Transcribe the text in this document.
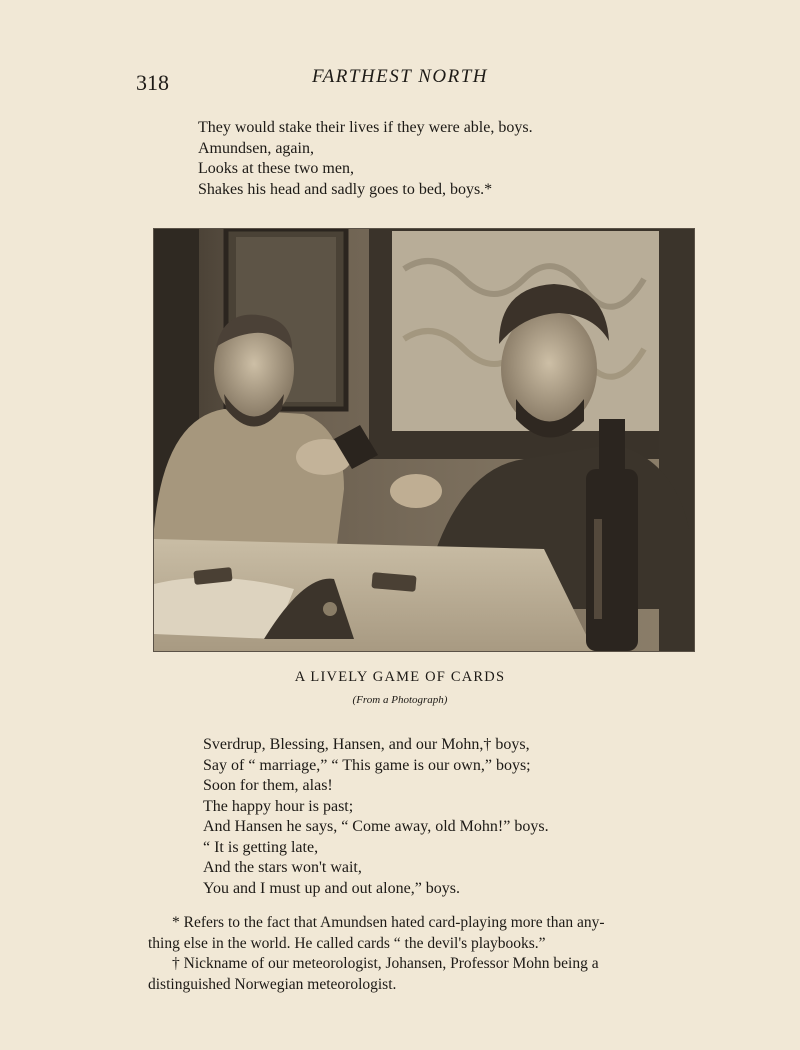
318	FARTHEST NORTH
They would stake their lives if they were able, boys.
Amundsen, again,
Looks at these two men,
Shakes his head and sadly goes to bed, boys.*
A LIVELY GAME OF CARDS
(From a Photograph)
Sverdrup, Blessing, Hansen, and our Mohn,† boys,
Say of “ marriage,” “ This game is our own,” boys;
Soon for them, alas!
The happy hour is past;
And Hansen he says, “ Come away, old Mohn!” boys.
“ It is getting late,
And the stars won't wait,
You and I must up and out alone,” boys.
* Refers to the fact that Amundsen hated card-playing more than any-
thing else in the world. He called cards “ the devil's playbooks.”
† Nickname of our meteorologist, Johansen, Professor Mohn being a
distinguished Norwegian meteorologist.
